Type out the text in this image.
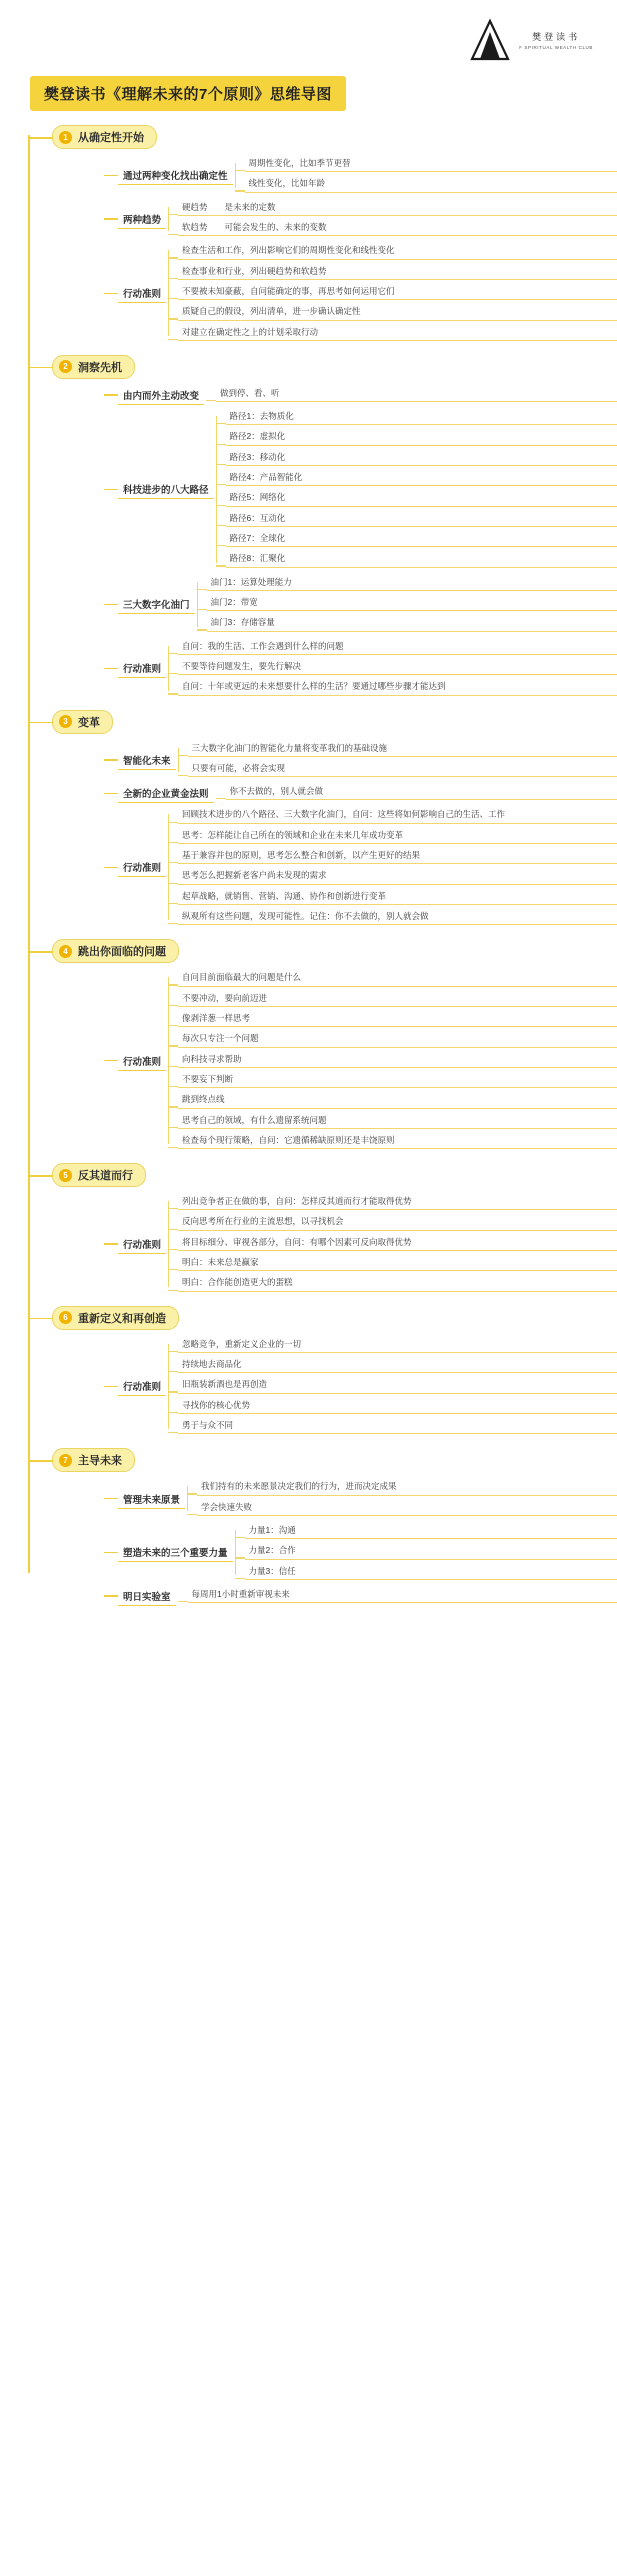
樊登读书
F SPIRITUAL WEALTH CLUB
樊登读书《理解未来的7个原则》思维导图
1 从确定性开始
通过两种变化找出确定性
周期性变化，比如季节更替
线性变化，比如年龄
两种趋势
硬趋势　　是未来的定数
软趋势　　可能会发生的、未来的变数
行动准则
检查生活和工作，列出影响它们的周期性变化和线性变化
检查事业和行业，列出硬趋势和软趋势
不要被未知豪蔽，自问能确定的事，再思考如何运用它们
质疑自己的假设，列出清单，进一步确认确定性
对建立在确定性之上的计划采取行动
2 洞察先机
由内而外主动改变	做到停、看、听
科技进步的八大路径
路径1：去物质化
路径2：虚拟化
路径3：移动化
路径4：产品智能化
路径5：网络化
路径6：互动化
路径7：全球化
路径8：汇聚化
三大数字化油门
油门1：运算处理能力
油门2：带宽
油门3：存储容量
行动准则
自问：我的生活、工作会遇到什么样的问题
不要等待问题发生，要先行解决
自问：十年或更远的未来想要什么样的生活？要通过哪些步骤才能达到
3 变革
智能化未来
三大数字化油门的智能化力量将变革我们的基础设施
只要有可能，必将会实现
全新的企业黄金法则	你不去做的，别人就会做
行动准则
回顾技术进步的八个路径、三大数字化油门，自问：这些将如何影响自己的生活、工作
思考：怎样能让自己所在的领域和企业在未来几年成功变革
基于兼容并包的原则，思考怎么整合和创新，以产生更好的结果
思考怎么把握新老客户尚未发现的需求
起草战略，就销售、营销、沟通、协作和创新进行变革
纵观所有这些问题，发现可能性。记住：你不去做的，别人就会做
4 跳出你面临的问题
行动准则
自问目前面临最大的问题是什么
不要冲动，要向前迈进
像剥洋葱一样思考
每次只专注一个问题
向科技寻求帮助
不要妄下判断
跳到终点线
思考自己的领域，有什么遗留系统问题
检查每个现行策略，自问：它遗循稀缺原则还是丰饶原则
5 反其道而行
行动准则
列出竞争者正在做的事，自问：怎样反其道而行才能取得优势
反向思考所在行业的主流思想，以寻找机会
将目标细分、审视各部分，自问：有哪个因素可反向取得优势
明白：未来总是赢家
明白：合作能创造更大的蛋糕
6 重新定义和再创造
行动准则
忽略竞争，重新定义企业的一切
持续地去商品化
旧瓶装新酒也是再创造
寻找你的核心优势
勇于与众不同
7 主导未来
管理未来原景
我们持有的未来愿景决定我们的行为，进而决定成果
学会快速失败
塑造未来的三个重要力量
力量1：沟通
力量2：合作
力量3：信任
明日实验室	每周用1小时重新审视未来
